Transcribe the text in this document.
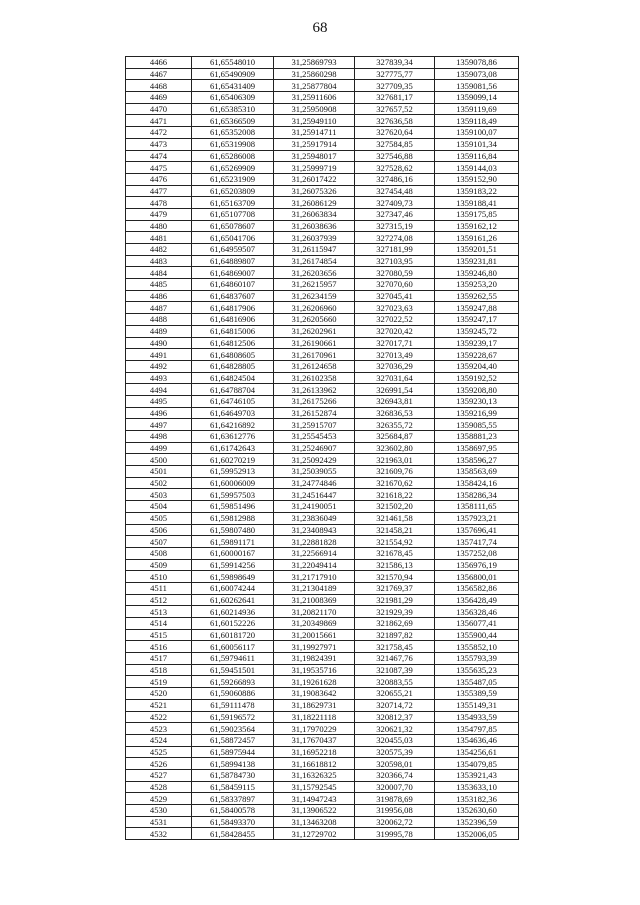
68
4466	61,65548010	31,25869793	327839,34	1359078,86
4467	61,65490909	31,25860298	327775,77	1359073,08
4468	61,65431409	31,25877804	327709,35	1359081,56
4469	61,65406309	31,25911606	327681,17	1359099,14
4470	61,65385310	31,25950908	327657,52	1359119,69
4471	61,65366509	31,25949110	327636,58	1359118,49
4472	61,65352008	31,25914711	327620,64	1359100,07
4473	61,65319908	31,25917914	327584,85	1359101,34
4474	61,65286008	31,25948017	327546,88	1359116,84
4475	61,65269909	31,25999719	327528,62	1359144,03
4476	61,65231909	31,26017422	327486,16	1359152,90
4477	61,65203809	31,26075326	327454,48	1359183,22
4478	61,65163709	31,26086129	327409,73	1359188,41
4479	61,65107708	31,26063834	327347,46	1359175,85
4480	61,65078607	31,26038636	327315,19	1359162,12
4481	61,65041706	31,26037939	327274,08	1359161,26
4482	61,64959507	31,26115947	327181,99	1359201,51
4483	61,64889807	31,26174854	327103,95	1359231,81
4484	61,64869007	31,26203656	327080,59	1359246,80
4485	61,64860107	31,26215957	327070,60	1359253,20
4486	61,64837607	31,26234159	327045,41	1359262,55
4487	61,64817906	31,26206960	327023,63	1359247,88
4488	61,64816906	31,26205660	327022,52	1359247,17
4489	61,64815006	31,26202961	327020,42	1359245,72
4490	61,64812506	31,26190661	327017,71	1359239,17
4491	61,64808605	31,26170961	327013,49	1359228,67
4492	61,64828805	31,26124658	327036,29	1359204,40
4493	61,64824504	31,26102358	327031,64	1359192,52
4494	61,64788704	31,26133962	326991,54	1359208,80
4495	61,64746105	31,26175266	326943,81	1359230,13
4496	61,64649703	31,26152874	326836,53	1359216,99
4497	61,64216892	31,25915707	326355,72	1359085,55
4498	61,63612776	31,25545453	325684,87	1358881,23
4499	61,61742643	31,25246907	323602,80	1358697,95
4500	61,60270219	31,25092429	321963,01	1358596,27
4501	61,59952913	31,25039055	321609,76	1358563,69
4502	61,60006009	31,24774846	321670,62	1358424,16
4503	61,59957503	31,24516447	321618,22	1358286,34
4504	61,59851496	31,24190051	321502,20	1358111,65
4505	61,59812988	31,23836049	321461,58	1357923,21
4506	61,59807480	31,23408943	321458,21	1357696,41
4507	61,59891171	31,22881828	321554,92	1357417,74
4508	61,60000167	31,22566914	321678,45	1357252,08
4509	61,59914256	31,22049414	321586,13	1356976,19
4510	61,59898649	31,21717910	321570,94	1356800,01
4511	61,60074244	31,21304189	321769,37	1356582,86
4512	61,60262641	31,21008369	321981,29	1356428,49
4513	61,60214936	31,20821170	321929,39	1356328,46
4514	61,60152226	31,20349869	321862,69	1356077,41
4515	61,60181720	31,20015661	321897,82	1355900,44
4516	61,60056117	31,19927971	321758,45	1355852,10
4517	61,59794611	31,19824391	321467,76	1355793,39
4518	61,59451501	31,19535716	321087,39	1355635,23
4519	61,59266893	31,19261628	320883,55	1355487,05
4520	61,59060886	31,19083642	320655,21	1355389,59
4521	61,59111478	31,18629731	320714,72	1355149,31
4522	61,59196572	31,18221118	320812,37	1354933,59
4523	61,59023564	31,17970229	320621,32	1354797,85
4524	61,58872457	31,17670437	320455,03	1354636,46
4525	61,58975944	31,16952218	320575,39	1354256,61
4526	61,58994138	31,16618812	320598,01	1354079,85
4527	61,58784730	31,16326325	320366,74	1353921,43
4528	61,58459115	31,15792545	320007,70	1353633,10
4529	61,58337897	31,14947243	319878,69	1353182,36
4530	61,58400578	31,13906522	319956,08	1352630,60
4531	61,58493370	31,13463208	320062,72	1352396,59
4532	61,58428455	31,12729702	319995,78	1352006,05
